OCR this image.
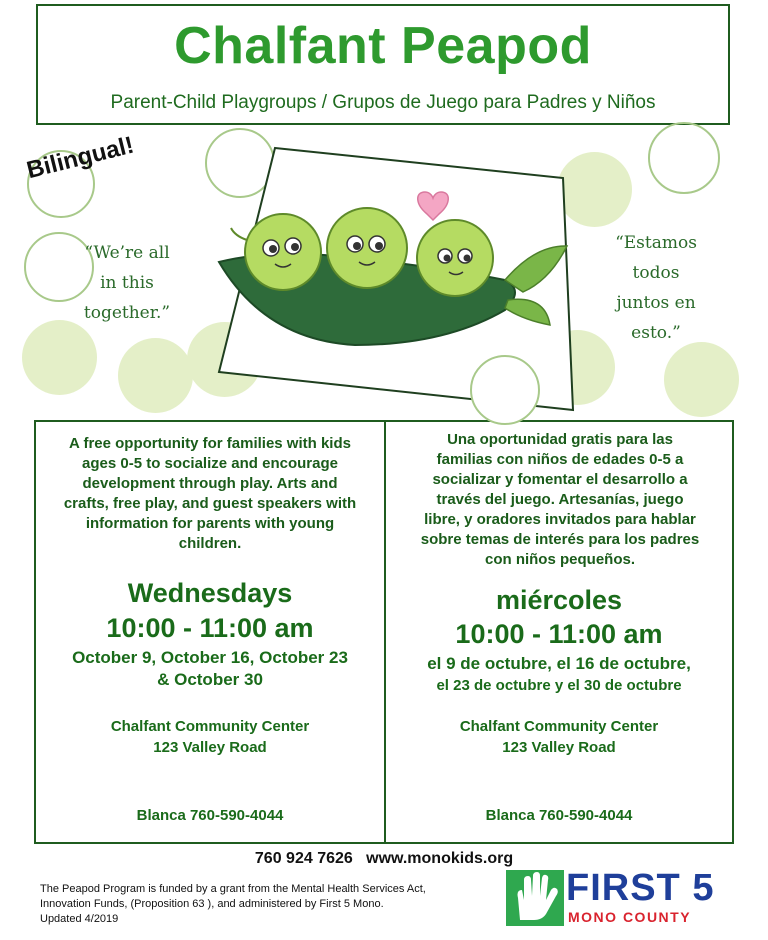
Chalfant Peapod
Parent-Child Playgroups / Grupos de Juego para Padres y Niños
Bilingual!
“We’re all
in this
together.”
“Estamos
todos
juntos en
esto.”
A free opportunity for families with kids
ages 0-5 to socialize and encourage
development through play. Arts and
crafts, free play, and guest speakers with
information for parents with young
children.
Wednesdays
10:00 - 11:00 am
October 9, October 16, October 23
& October 30
Chalfant Community Center
123 Valley Road
Blanca 760-590-4044
Una oportunidad gratis para las
familias con niños de edades 0-5 a
socializar y fomentar el desarrollo a
través del juego. Artesanías, juego
libre, y oradores invitados para hablar
sobre temas de interés para los padres
con niños pequeños.
miércoles
10:00 - 11:00 am
el 9 de octubre, el 16 de octubre,
el 23 de octubre y el 30 de octubre
Chalfant Community Center
123 Valley Road
Blanca 760-590-4044
760 924 7626   www.monokids.org
The Peapod Program is funded by a grant from the Mental Health Services Act,
Innovation Funds, (Proposition 63 ), and administered by First 5 Mono.
Updated 4/2019
FIRST 5
MONO COUNTY
